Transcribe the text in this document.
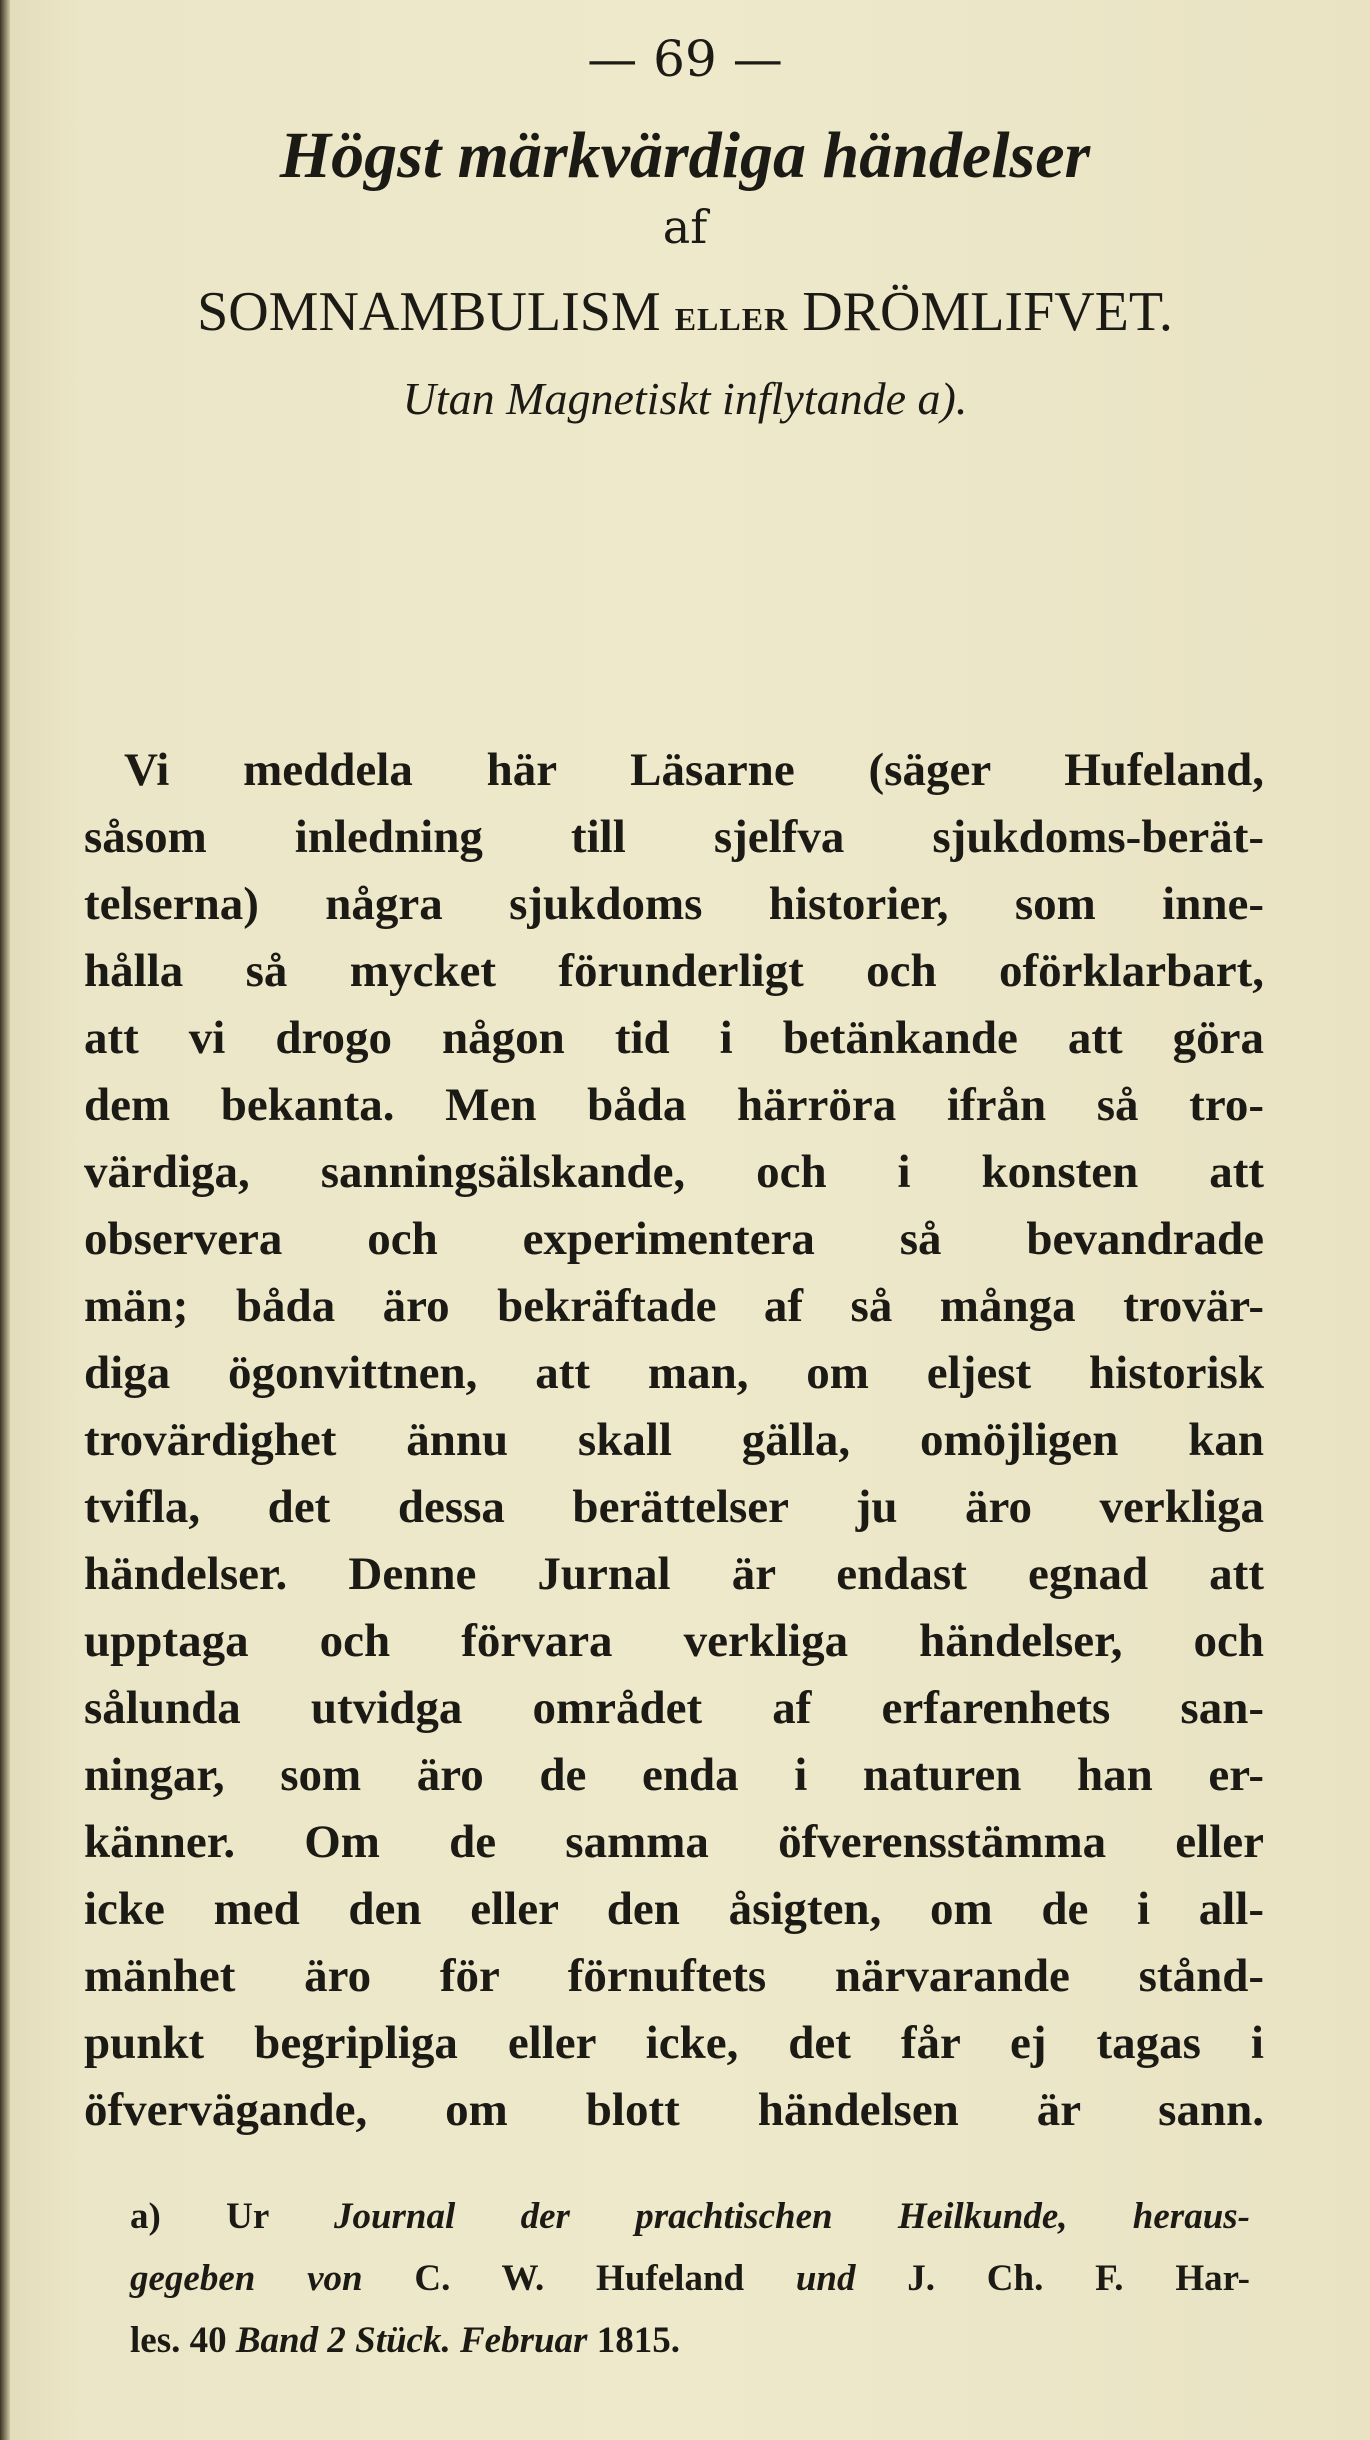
— 69 —
Högst märkvärdiga händelser
af
SOMNAMBULISM ELLER DRÖMLIFVET.
Utan Magnetiskt inflytande a).
Vi meddela här Läsarne (säger Hufeland,
såsom inledning till sjelfva sjukdoms-berät-
telserna) några sjukdoms historier, som inne-
hålla så mycket förunderligt och oförklarbart,
att vi drogo någon tid i betänkande att göra
dem bekanta. Men båda härröra ifrån så tro-
värdiga, sanningsälskande, och i konsten att
observera och experimentera så bevandrade
män; båda äro bekräftade af så många trovär-
diga ögonvittnen, att man, om eljest historisk
trovärdighet ännu skall gälla, omöjligen kan
tvifla, det dessa berättelser ju äro verkliga
händelser. Denne Jurnal är endast egnad att
upptaga och förvara verkliga händelser, och
sålunda utvidga området af erfarenhets san-
ningar, som äro de enda i naturen han er-
känner. Om de samma öfverensstämma eller
icke med den eller den åsigten, om de i all-
mänhet äro för förnuftets närvarande stånd-
punkt begripliga eller icke, det får ej tagas i
öfvervägande, om blott händelsen är sann.
a) Ur Journal der prachtischen Heilkunde, heraus-
gegeben von C. W. Hufeland und J. Ch. F. Har-
les. 40 Band 2 Stück. Februar 1815.
